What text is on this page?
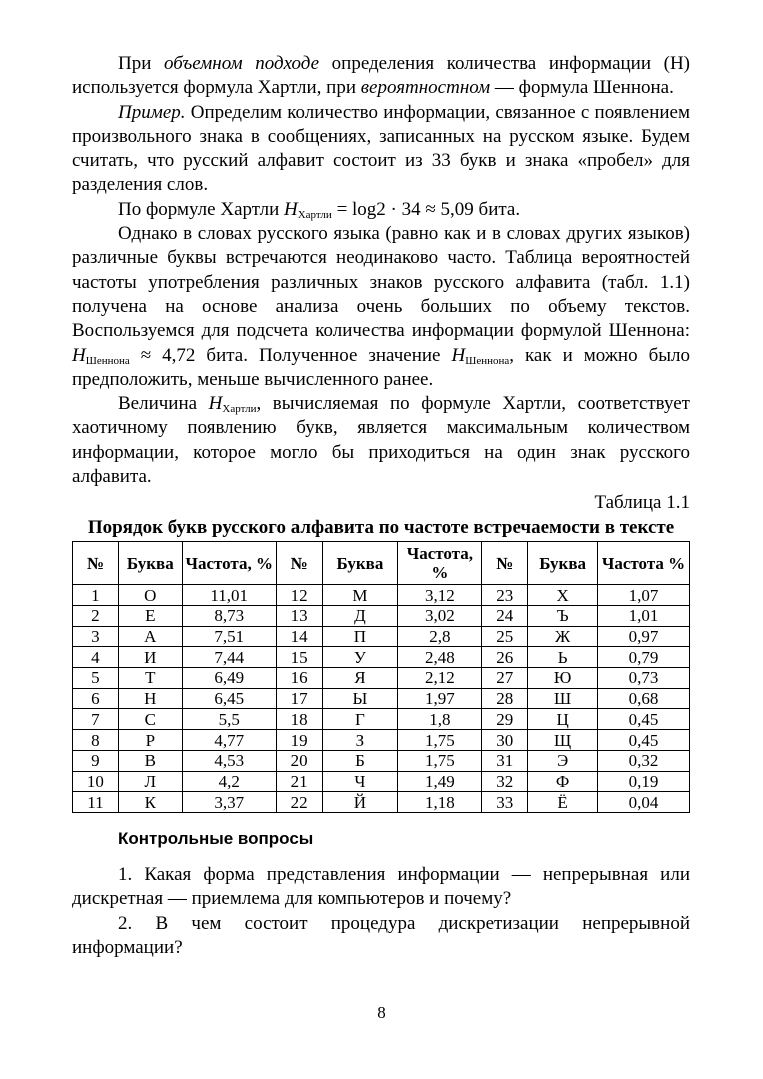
При объемном подходе определения количества информации (H) используется формула Хартли, при вероятностном — формула Шеннона.

Пример. Определим количество информации, связанное с появлением произвольного знака в сообщениях, записанных на русском языке. Будем считать, что русский алфавит состоит из 33 букв и знака «пробел» для разделения слов.

По формуле Хартли $H_{Хартли} = \log 2 \cdot 34 \approx 5,09$ бита.

Однако в словах русского языка (равно как и в словах других языков) различные буквы встречаются неодинаково часто. Таблица вероятностей частоты употребления различных знаков русского алфавита (табл. 1.1) получена на основе анализа очень больших по объему текстов. Воспользуемся для подсчета количества информации формулой Шеннона: $H_{Шеннона} \approx 4,72$ бита. Полученное значение $H_{Шеннона}$, как и можно было предположить, меньше вычисленного ранее.

Величина $H_{Хартли}$, вычисляемая по формуле Хартли, соответствует хаотичному появлению букв, является максимальным количеством информации, которое могло бы приходиться на один знак русского алфавита.

Таблица 1.1
Порядок букв русского алфавита по частоте встречаемости в тексте
№	Буква	Частота, %	№	Буква	Частота, %	№	Буква	Частота %
1	О	11,01	12	М	3,12	23	Х	1,07
2	Е	8,73	13	Д	3,02	24	Ъ	1,01
3	А	7,51	14	П	2,8	25	Ж	0,97
4	И	7,44	15	У	2,48	26	Ь	0,79
5	Т	6,49	16	Я	2,12	27	Ю	0,73
6	Н	6,45	17	Ы	1,97	28	Ш	0,68
7	С	5,5	18	Г	1,8	29	Ц	0,45
8	Р	4,77	19	З	1,75	30	Щ	0,45
9	В	4,53	20	Б	1,75	31	Э	0,32
10	Л	4,2	21	Ч	1,49	32	Ф	0,19
11	К	3,37	22	Й	1,18	33	Ё	0,04
Контрольные вопросы

1. Какая форма представления информации — непрерывная или дискретная — приемлема для компьютеров и почему?

2. В чем состоит процедура дискретизации непрерывной информации?

8
